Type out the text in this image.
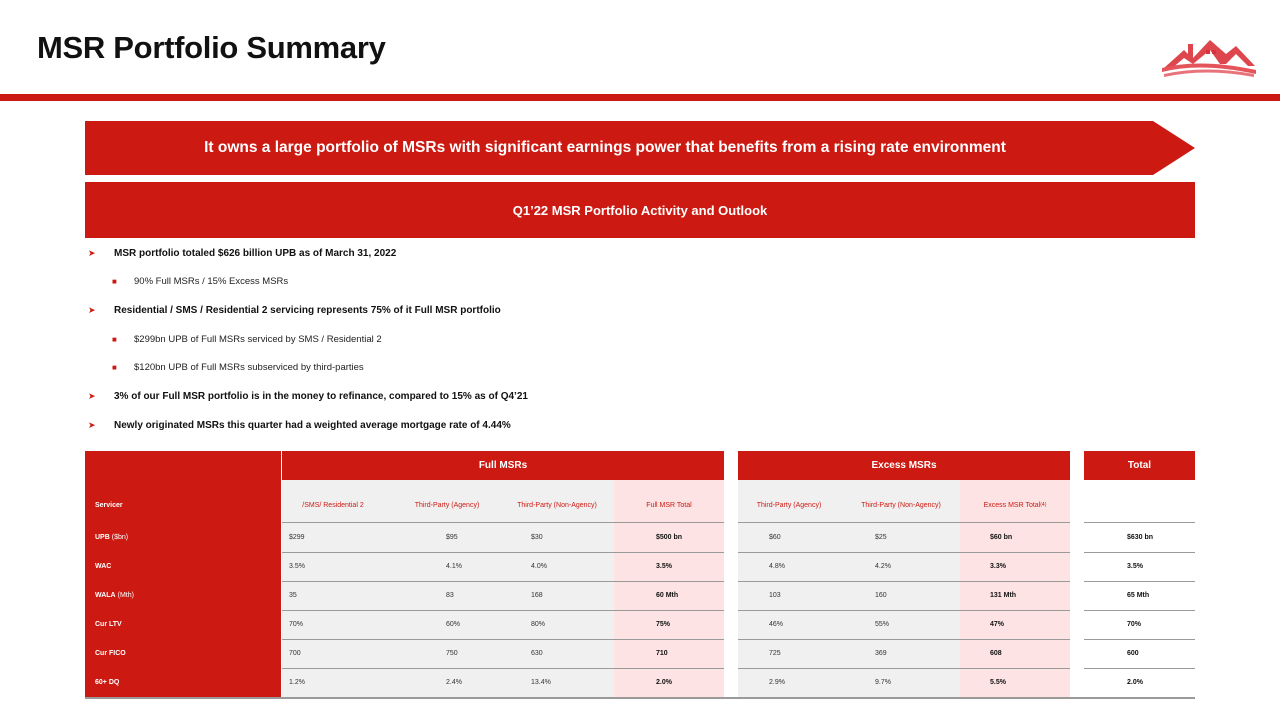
MSR Portfolio Summary
It owns a large portfolio of MSRs with significant earnings power that benefits from a rising rate environment
Q1’22 MSR Portfolio Activity and Outlook
➤ MSR portfolio totaled $626 billion UPB as of March 31, 2022
■ 90% Full MSRs / 15% Excess MSRs
➤ Residential / SMS / Residential 2 servicing represents 75% of it Full MSR portfolio
■ $299bn UPB of Full MSRs serviced by SMS / Residential 2
■ $120bn UPB of Full MSRs subserviced by third-parties
➤ 3% of our Full MSR portfolio is in the money to refinance, compared to 15% as of Q4’21
➤ Newly originated MSRs this quarter had a weighted average mortgage rate of 4.44%
Full MSRs	Excess MSRs	Total
Servicer	/SMS/ Residential 2	Third-Party (Agency)	Third-Party (Non-Agency)	Full MSR Total	Third-Party (Agency)	Third-Party (Non-Agency)	Excess MSR Total (4)
UPB ($bn)	$299	$95	$30	$500 bn	$60	$25	$60 bn	$630 bn
WAC	3.5%	4.1%	4.0%	3.5%	4.8%	4.2%	3.3%	3.5%
WALA (Mth)	35	83	168	60 Mth	103	160	131 Mth	65 Mth
Cur LTV	70%	60%	80%	75%	46%	55%	47%	70%
Cur FICO	700	750	630	710	725	369	608	600
60+ DQ	1.2%	2.4%	13.4%	2.0%	2.9%	9.7%	5.5%	2.0%
